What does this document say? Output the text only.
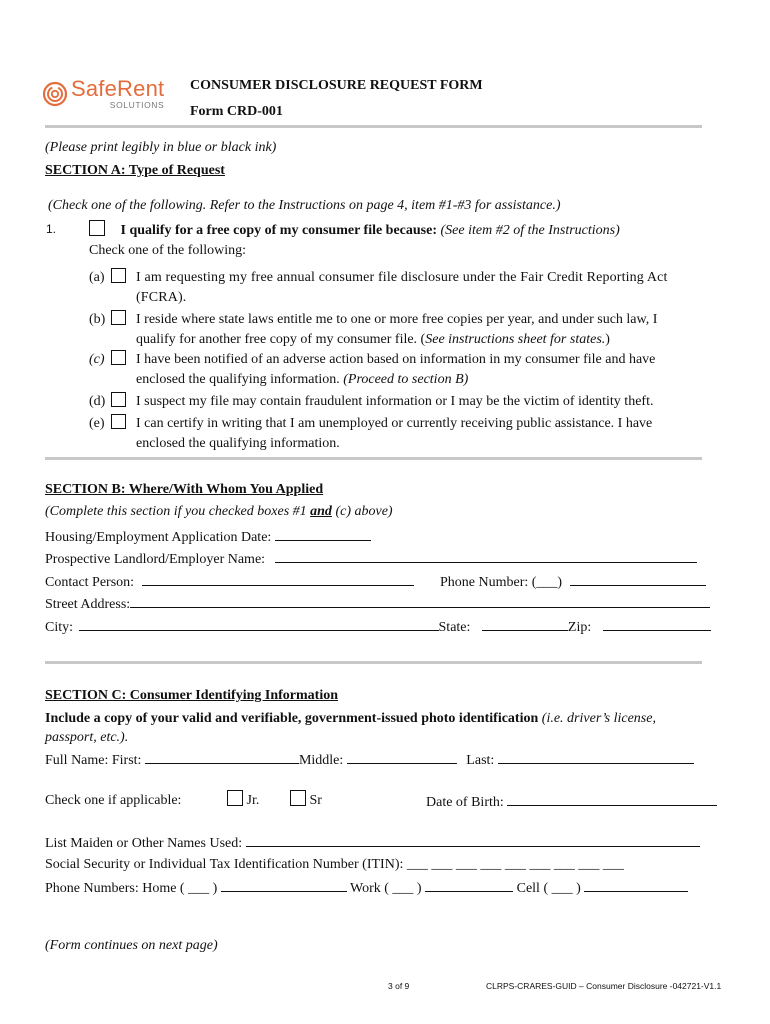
SafeRent
SOLUTIONS
CONSUMER DISCLOSURE REQUEST FORM
Form CRD-001
(Please print legibly in blue or black ink)
SECTION A: Type of Request
(Check one of the following. Refer to the Instructions on page 4, item #1-#3 for assistance.)
1.	I qualify for a free copy of my consumer file because: (See item #2 of the Instructions)
Check one of the following:
(a) I am requesting my free annual consumer file disclosure under the Fair Credit Reporting Act
(FCRA).
(b) I reside where state laws entitle me to one or more free copies per year, and under such law, I
qualify for another free copy of my consumer file. (See instructions sheet for states.)
(c) I have been notified of an adverse action based on information in my consumer file and have
enclosed the qualifying information. (Proceed to section B)
(d) I suspect my file may contain fraudulent information or I may be the victim of identity theft.
(e) I can certify in writing that I am unemployed or currently receiving public assistance. I have
enclosed the qualifying information.
SECTION B: Where/With Whom You Applied
(Complete this section if you checked boxes #1 and (c) above)
Housing/Employment Application Date:
Prospective Landlord/Employer Name:
Contact Person:	Phone Number: (___)
Street Address:
City:	State:	Zip:
SECTION C: Consumer Identifying Information
Include a copy of your valid and verifiable, government-issued photo identification (i.e. driver’s license,
passport, etc.).
Full Name: First:	Middle:	Last:
Check one if applicable:	Jr.	Sr	Date of Birth:
List Maiden or Other Names Used:
Social Security or Individual Tax Identification Number (ITIN): ___ ___ ___ ___ ___ ___ ___ ___ ___
Phone Numbers: Home ( ___ )	Work ( ___ )	Cell ( ___ )
(Form continues on next page)
3 of 9	CLRPS-CRARES-GUID – Consumer Disclosure -042721-V1.1
